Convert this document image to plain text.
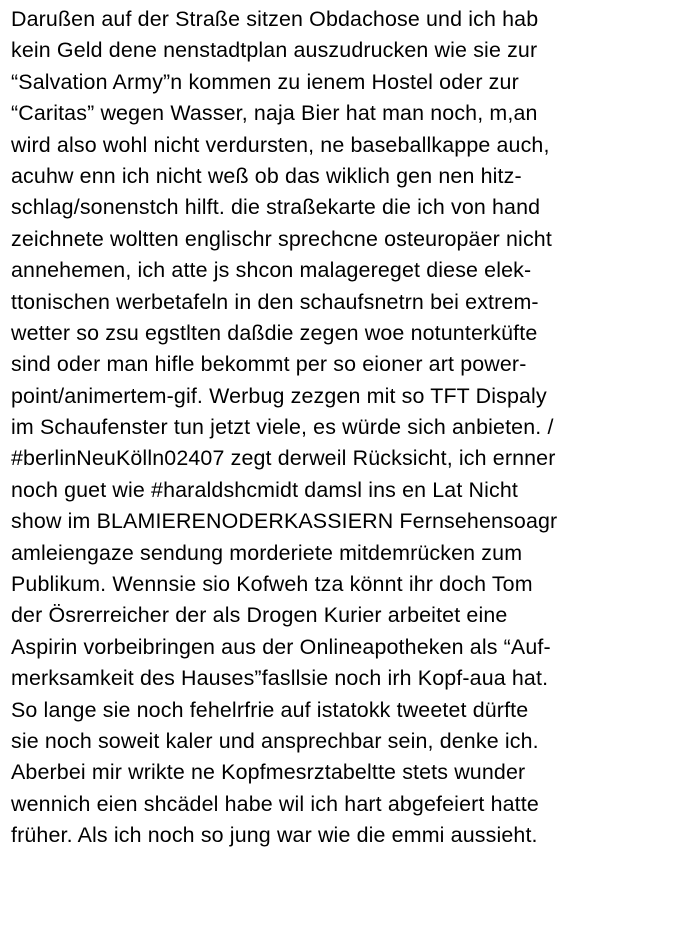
Darußen auf der Straße sitzen Obdachose und ich hab
kein Geld dene nenstadtplan auszudrucken wie sie zur
“Salvation Army”n kommen zu ienem Hostel oder zur
“Caritas” wegen Wasser, naja Bier hat man noch, m,an
wird also wohl nicht verdursten, ne baseballkappe auch,
acuhw enn ich nicht weß ob das wiklich gen nen hitz-
schlag/sonenstch hilft. die straßekarte die ich von hand
zeichnete woltten englischr sprechcne osteuropäer nicht
annehemen, ich atte js shcon malagereget diese elek-
ttonischen werbetafeln in den schaufsnetrn bei extrem-
wetter so zsu egstlten daßdie zegen woe notunterküfte
sind oder man hifle bekommt per so eioner art power-
point/animertem-gif. Werbug zezgen mit so TFT Dispaly
im Schaufenster tun jetzt viele, es würde sich anbieten. /
#berlinNeuKölln02407 zegt derweil Rücksicht, ich ernner
noch guet wie #haraldshcmidt damsl ins en Lat Nicht
show im BLAMIERENODERKASSIERN Fernsehensoagr
amleiengaze sendung morderiete mitdemrücken zum
Publikum. Wennsie sio Kofweh tza könnt ihr doch Tom
der Ösrerreicher der als Drogen Kurier arbeitet eine
Aspirin vorbeibringen aus der Onlineapotheken als “Auf-
merksamkeit des Hauses”fasllsie noch irh Kopf-aua hat.
So lange sie noch fehelrfrie auf istatokk tweetet dürfte
sie noch soweit kaler und ansprechbar sein, denke ich.
Aberbei mir wrikte ne Kopfmesrztabeltte stets wunder
wennich eien shcädel habe wil ich hart abgefeiert hatte
früher. Als ich noch so jung war wie die emmi aussieht.
